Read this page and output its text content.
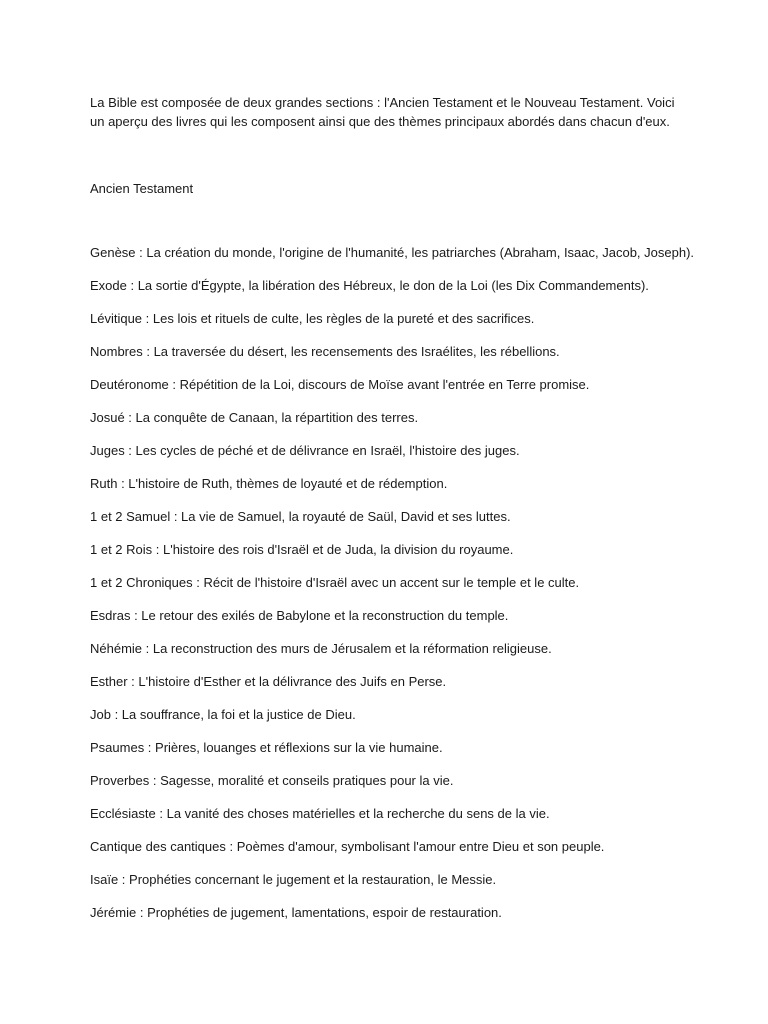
La Bible est composée de deux grandes sections : l'Ancien Testament et le Nouveau Testament. Voici un aperçu des livres qui les composent ainsi que des thèmes principaux abordés dans chacun d'eux.

Ancien Testament
Genèse : La création du monde, l'origine de l'humanité, les patriarches (Abraham, Isaac, Jacob, Joseph).
Exode : La sortie d'Égypte, la libération des Hébreux, le don de la Loi (les Dix Commandements).
Lévitique : Les lois et rituels de culte, les règles de la pureté et des sacrifices.
Nombres : La traversée du désert, les recensements des Israélites, les rébellions.
Deutéronome : Répétition de la Loi, discours de Moïse avant l'entrée en Terre promise.
Josué : La conquête de Canaan, la répartition des terres.
Juges : Les cycles de péché et de délivrance en Israël, l'histoire des juges.
Ruth : L'histoire de Ruth, thèmes de loyauté et de rédemption.
1 et 2 Samuel : La vie de Samuel, la royauté de Saül, David et ses luttes.
1 et 2 Rois : L'histoire des rois d'Israël et de Juda, la division du royaume.
1 et 2 Chroniques : Récit de l'histoire d'Israël avec un accent sur le temple et le culte.
Esdras : Le retour des exilés de Babylone et la reconstruction du temple.
Néhémie : La reconstruction des murs de Jérusalem et la réformation religieuse.
Esther : L'histoire d'Esther et la délivrance des Juifs en Perse.
Job : La souffrance, la foi et la justice de Dieu.
Psaumes : Prières, louanges et réflexions sur la vie humaine.
Proverbes : Sagesse, moralité et conseils pratiques pour la vie.
Ecclésiaste : La vanité des choses matérielles et la recherche du sens de la vie.
Cantique des cantiques : Poèmes d'amour, symbolisant l'amour entre Dieu et son peuple.
Isaïe : Prophéties concernant le jugement et la restauration, le Messie.
Jérémie : Prophéties de jugement, lamentations, espoir de restauration.
